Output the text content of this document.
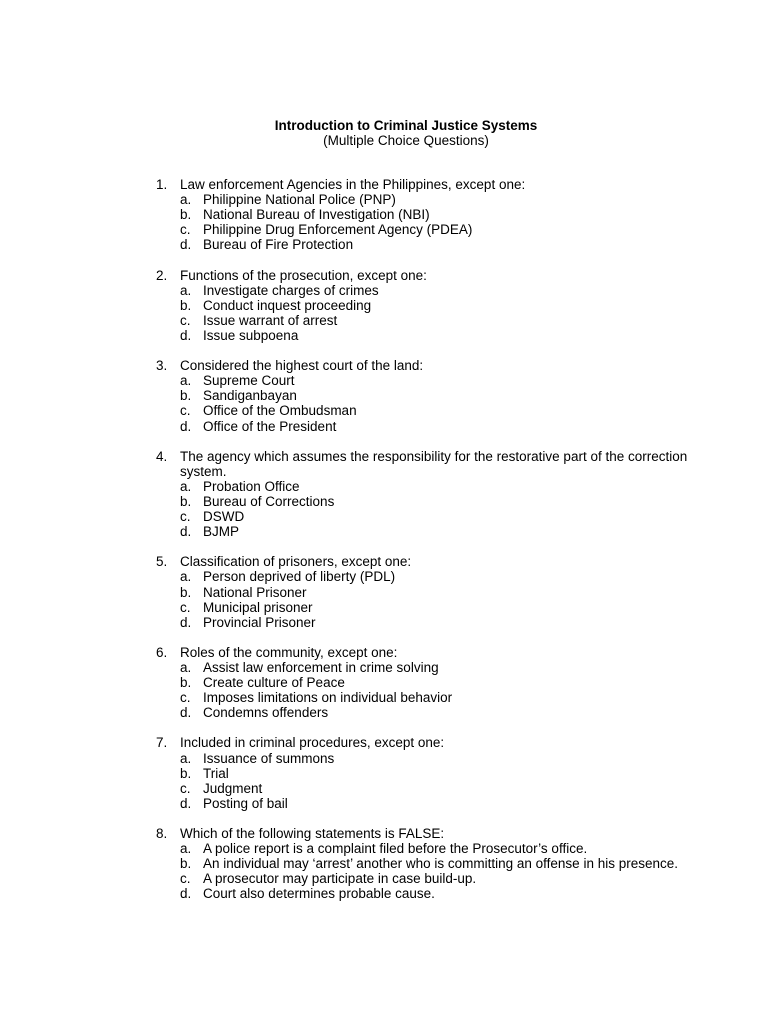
Introduction to Criminal Justice Systems
(Multiple Choice Questions)
1. Law enforcement Agencies in the Philippines, except one:
a. Philippine National Police (PNP)
b. National Bureau of Investigation (NBI)
c. Philippine Drug Enforcement Agency (PDEA)
d. Bureau of Fire Protection
2. Functions of the prosecution, except one:
a. Investigate charges of crimes
b. Conduct inquest proceeding
c. Issue warrant of arrest
d. Issue subpoena
3. Considered the highest court of the land:
a. Supreme Court
b. Sandiganbayan
c. Office of the Ombudsman
d. Office of the President
4. The agency which assumes the responsibility for the restorative part of the correction system.
a. Probation Office
b. Bureau of Corrections
c. DSWD
d. BJMP
5. Classification of prisoners, except one:
a. Person deprived of liberty (PDL)
b. National Prisoner
c. Municipal prisoner
d. Provincial Prisoner
6. Roles of the community, except one:
a. Assist law enforcement in crime solving
b. Create culture of Peace
c. Imposes limitations on individual behavior
d. Condemns offenders
7. Included in criminal procedures, except one:
a. Issuance of summons
b. Trial
c. Judgment
d. Posting of bail
8. Which of the following statements is FALSE:
a. A police report is a complaint filed before the Prosecutor’s office.
b. An individual may ‘arrest’ another who is committing an offense in his presence.
c. A prosecutor may participate in case build-up.
d. Court also determines probable cause.
